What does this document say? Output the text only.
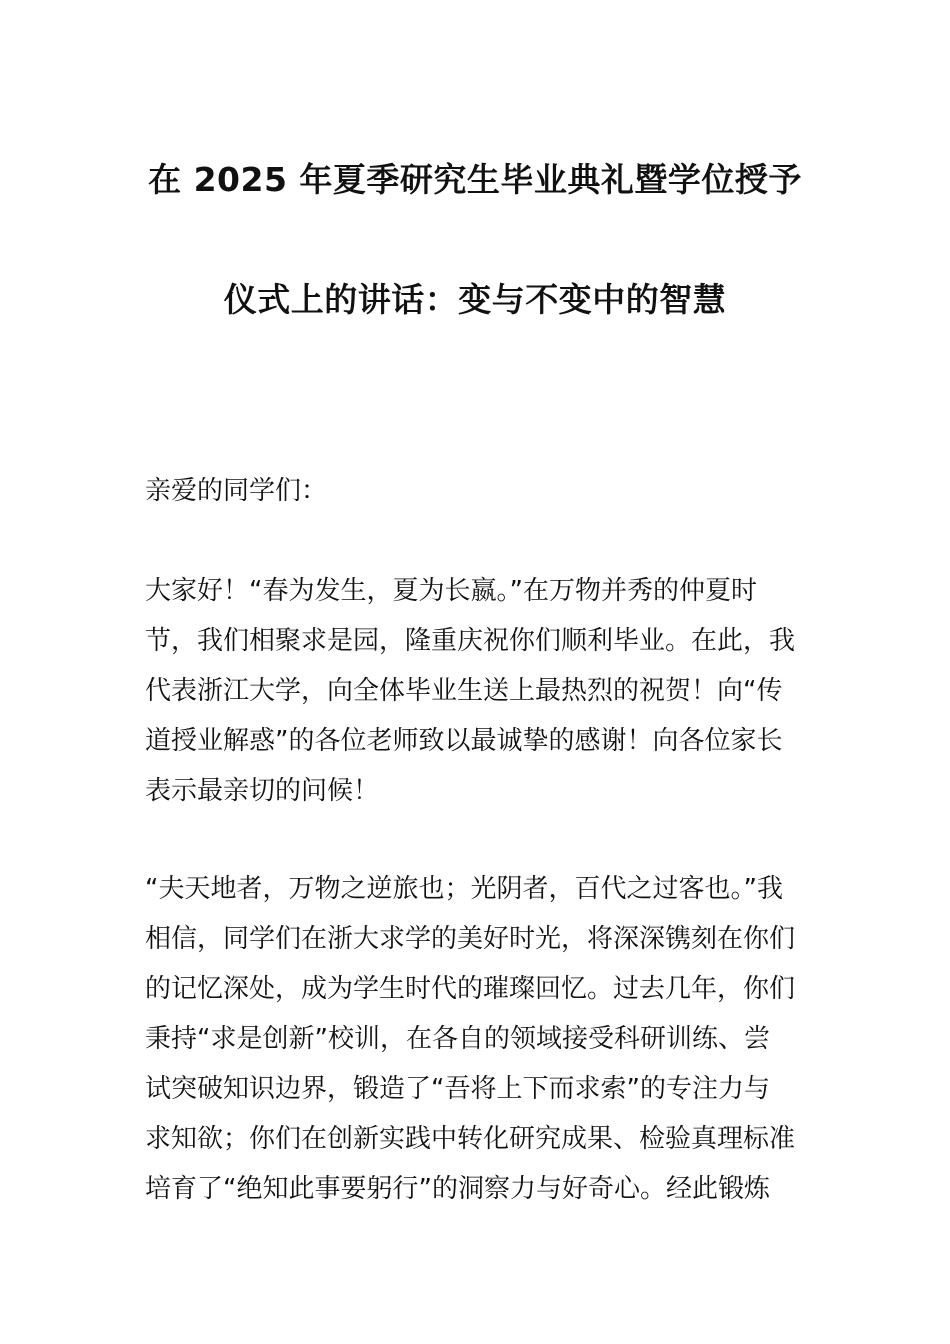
在 2025 年夏季研究生毕业典礼暨学位授予
仪式上的讲话：变与不变中的智慧
亲爱的同学们：
大家好！“春为发生，夏为长嬴。”在万物并秀的仲夏时
节，我们相聚求是园，隆重庆祝你们顺利毕业。在此，我
代表浙江大学，向全体毕业生送上最热烈的祝贺！向“传
道授业解惑”的各位老师致以最诚挚的感谢！向各位家长
表示最亲切的问候！
“夫天地者，万物之逆旅也；光阴者，百代之过客也。”我
相信，同学们在浙大求学的美好时光，将深深镌刻在你们
的记忆深处，成为学生时代的璀璨回忆。过去几年，你们
秉持“求是创新”校训，在各自的领域接受科研训练、尝
试突破知识边界，锻造了“吾将上下而求索”的专注力与
求知欲；你们在创新实践中转化研究成果、检验真理标准
培育了“绝知此事要躬行”的洞察力与好奇心。经此锻炼
